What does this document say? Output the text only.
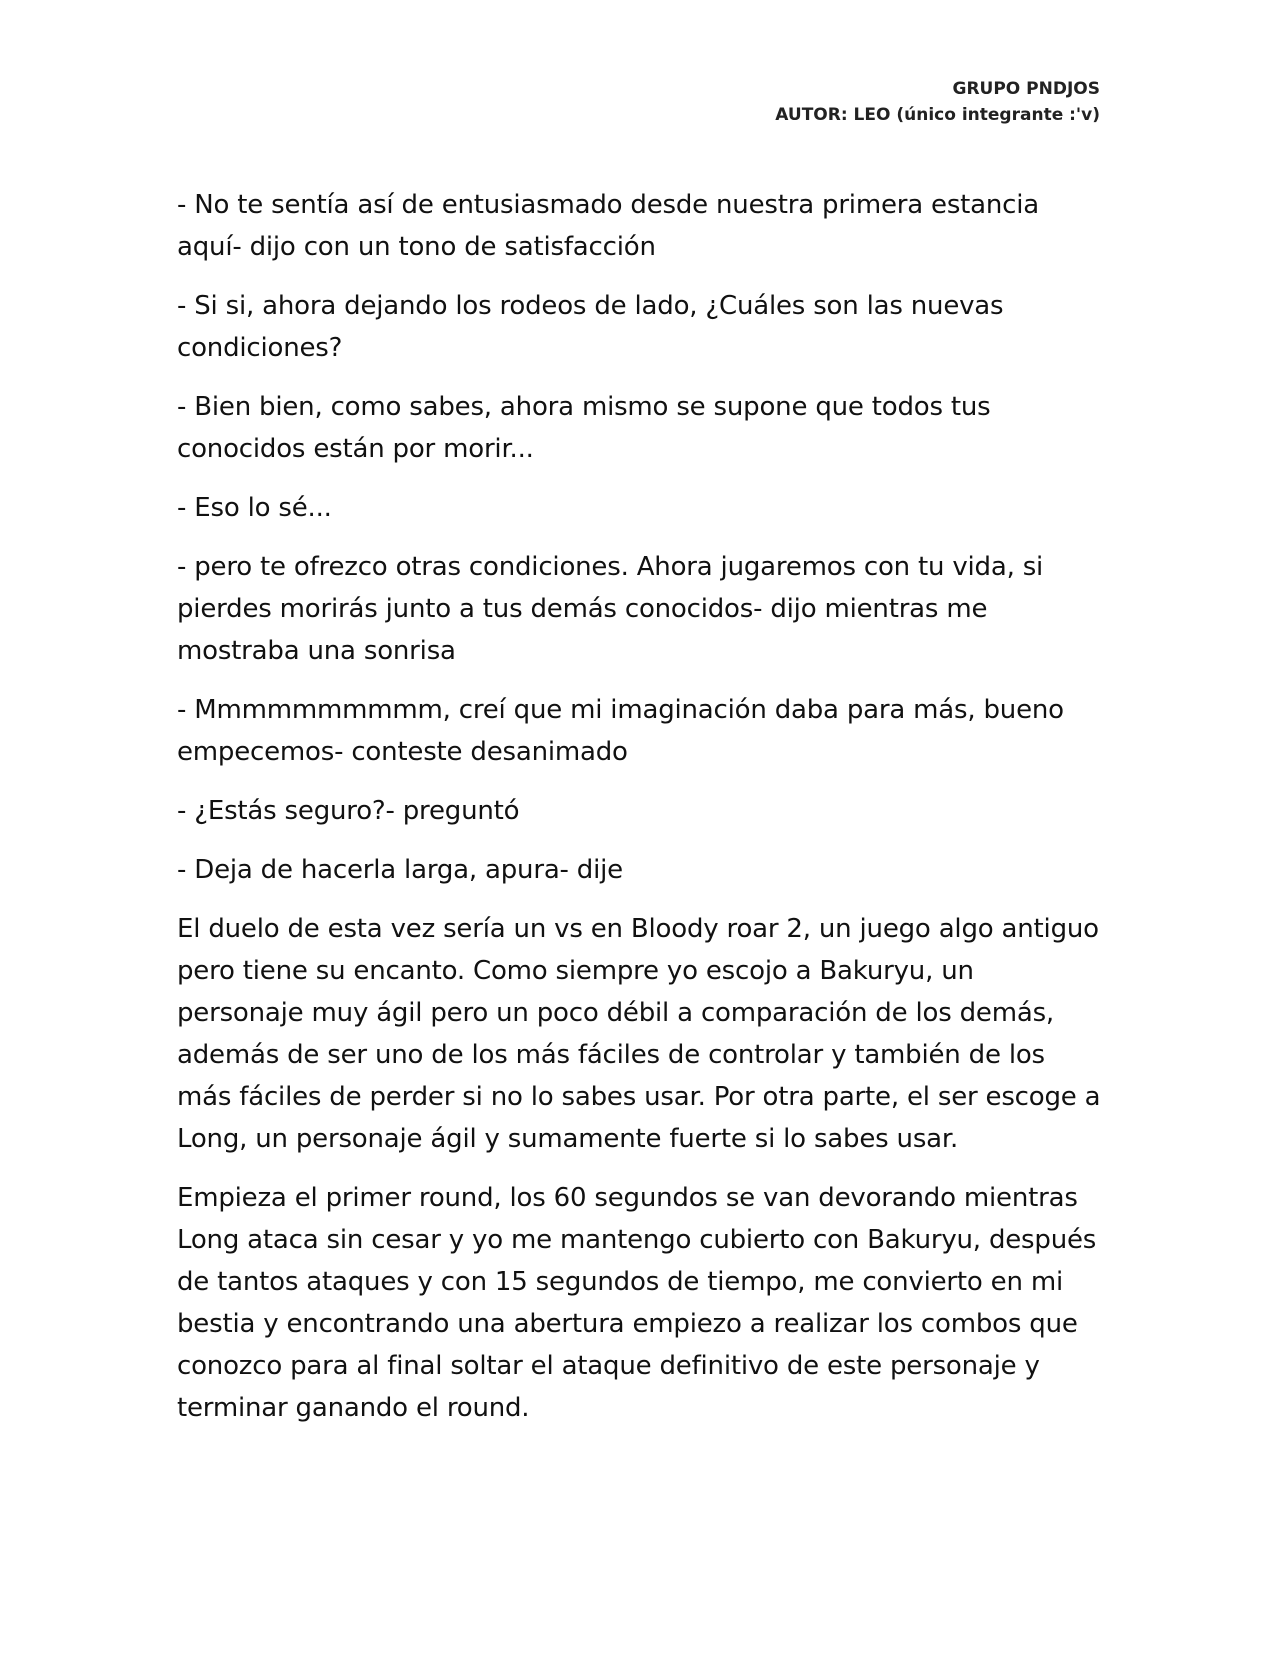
GRUPO PNDJOS
AUTOR: LEO (único integrante :'v)

- No te sentía así de entusiasmado desde nuestra primera estancia aquí- dijo con un tono de satisfacción

- Si si, ahora dejando los rodeos de lado, ¿Cuáles son las nuevas condiciones?

- Bien bien, como sabes, ahora mismo se supone que todos tus conocidos están por morir...

- Eso lo sé...

- pero te ofrezco otras condiciones. Ahora jugaremos con tu vida, si pierdes morirás junto a tus demás conocidos- dijo mientras me mostraba una sonrisa

- Mmmmmmmmmm, creí que mi imaginación daba para más, bueno empecemos- conteste desanimado

- ¿Estás seguro?- preguntó

- Deja de hacerla larga, apura- dije

El duelo de esta vez sería un vs en Bloody roar 2, un juego algo antiguo pero tiene su encanto. Como siempre yo escojo a Bakuryu, un personaje muy ágil pero un poco débil a comparación de los demás, además de ser uno de los más fáciles de controlar y también de los más fáciles de perder si no lo sabes usar. Por otra parte, el ser escoge a Long, un personaje ágil y sumamente fuerte si lo sabes usar.

Empieza el primer round, los 60 segundos se van devorando mientras Long ataca sin cesar y yo me mantengo cubierto con Bakuryu, después de tantos ataques y con 15 segundos de tiempo, me convierto en mi bestia y encontrando una abertura empiezo a realizar los combos que conozco para al final soltar el ataque definitivo de este personaje y terminar ganando el round.
